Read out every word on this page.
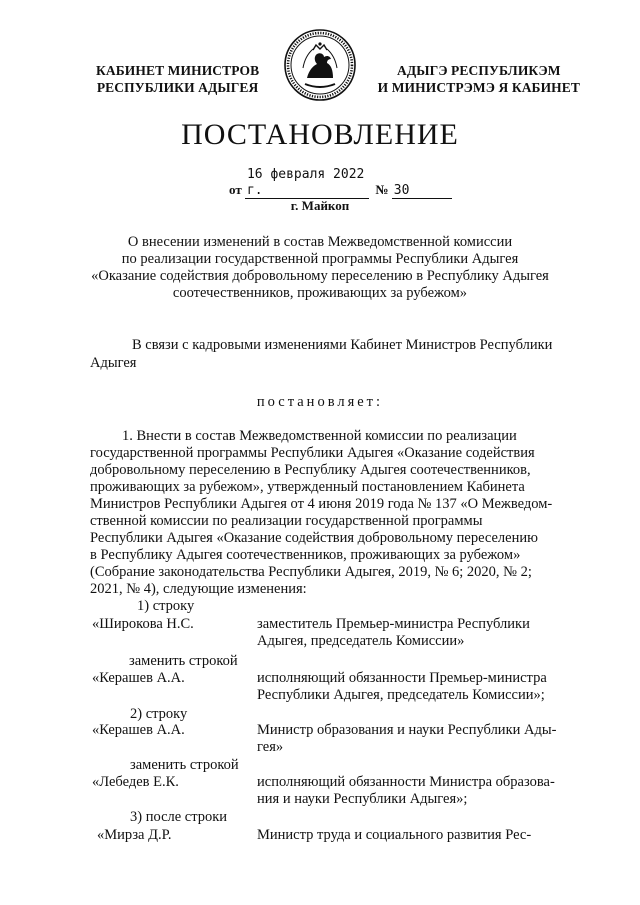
КАБИНЕТ МИНИСТРОВ
РЕСПУБЛИКИ АДЫГЕЯ
АДЫГЭ РЕСПУБЛИКЭМ
И МИНИСТРЭМЭ Я КАБИНЕТ
ПОСТАНОВЛЕНИЕ
от 16 февраля 2022 г.	№ 30
г. Майкоп
О внесении изменений в состав Межведомственной комиссии
по реализации государственной программы Республики Адыгея
«Оказание содействия добровольному переселению в Республику Адыгея
соотечественников, проживающих за рубежом»
В связи с кадровыми изменениями Кабинет Министров Республики
Адыгея
постановляет:
1. Внести в состав Межведомственной комиссии по реализации
государственной программы Республики Адыгея «Оказание содействия
добровольному переселению в Республику Адыгея соотечественников,
проживающих за рубежом», утвержденный постановлением Кабинета
Министров Республики Адыгея от 4 июня 2019 года № 137 «О Межведом-
ственной комиссии по реализации государственной программы
Республики Адыгея «Оказание содействия добровольному переселению
в Республику Адыгея соотечественников, проживающих за рубежом»
(Собрание законодательства Республики Адыгея, 2019, № 6; 2020, № 2;
2021, № 4), следующие изменения:
1) строку
«Широкова Н.С.	заместитель Премьер-министра Республики
Адыгея, председатель Комиссии»
заменить строкой
«Керашев А.А.	исполняющий обязанности Премьер-министра
Республики Адыгея, председатель Комиссии»;
2) строку
«Керашев А.А.	Министр образования и науки Республики Ады-
гея»
заменить строкой
«Лебедев Е.К.	исполняющий обязанности Министра образова-
ния и науки Республики Адыгея»;
3) после строки
«Мирза Д.Р.	Министр труда и социального развития Рес-
